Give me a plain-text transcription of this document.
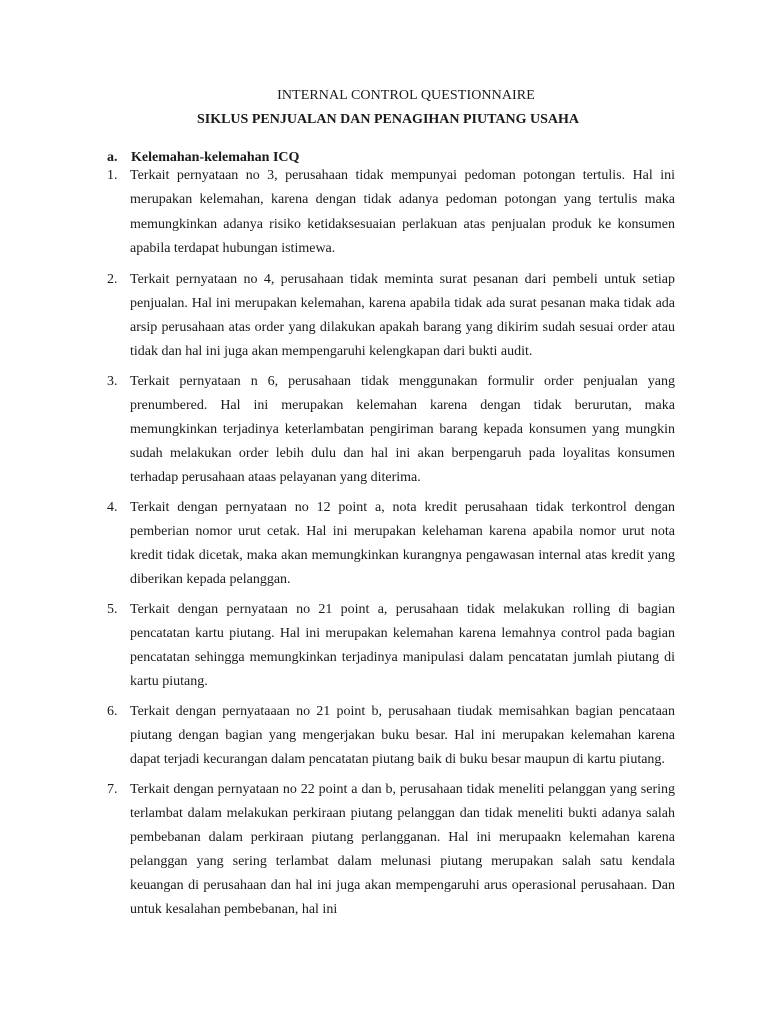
INTERNAL CONTROL QUESTIONNAIRE
SIKLUS PENJUALAN DAN PENAGIHAN PIUTANG USAHA
a. Kelemahan-kelemahan ICQ
1. Terkait pernyataan no 3, perusahaan tidak mempunyai pedoman potongan tertulis. Hal ini merupakan kelemahan, karena dengan tidak adanya pedoman potongan yang tertulis maka memungkinkan adanya risiko ketidaksesuaian perlakuan atas penjualan produk ke konsumen apabila terdapat hubungan istimewa.
2. Terkait pernyataan no 4, perusahaan tidak meminta surat pesanan dari pembeli untuk setiap penjualan. Hal ini merupakan kelemahan, karena apabila tidak ada surat pesanan maka tidak ada arsip perusahaan atas order yang dilakukan apakah barang yang dikirim sudah sesuai order atau tidak dan hal ini juga akan mempengaruhi kelengkapan dari bukti audit.
3. Terkait pernyataan n 6, perusahaan tidak menggunakan formulir order penjualan yang prenumbered. Hal ini merupakan kelemahan karena dengan tidak berurutan, maka memungkinkan terjadinya keterlambatan pengiriman barang kepada konsumen yang mungkin sudah melakukan order lebih dulu dan hal ini akan berpengaruh pada loyalitas konsumen terhadap perusahaan ataas pelayanan yang diterima.
4. Terkait dengan pernyataan no 12 point a, nota kredit perusahaan tidak terkontrol dengan pemberian nomor urut cetak. Hal ini merupakan kelehaman karena apabila nomor urut nota kredit tidak dicetak, maka akan memungkinkan kurangnya pengawasan internal atas kredit yang diberikan kepada pelanggan.
5. Terkait dengan pernyataan no 21 point a, perusahaan tidak melakukan rolling di bagian pencatatan kartu piutang. Hal ini merupakan kelemahan karena lemahnya control pada bagian pencatatan sehingga memungkinkan terjadinya manipulasi dalam pencatatan jumlah piutang di kartu piutang.
6. Terkait dengan pernyataaan no 21 point b, perusahaan tiudak memisahkan bagian pencataan piutang dengan bagian yang mengerjakan buku besar. Hal ini merupakan kelemahan karena dapat terjadi kecurangan dalam pencatatan piutang baik di buku besar maupun di kartu piutang.
7. Terkait dengan pernyataan no 22 point a dan b, perusahaan tidak meneliti pelanggan yang sering terlambat dalam melakukan perkiraan piutang pelanggan dan tidak meneliti bukti adanya salah pembebanan dalam perkiraan piutang perlangganan. Hal ini merupaakn kelemahan karena pelanggan yang sering terlambat dalam melunasi piutang merupakan salah satu kendala keuangan di perusahaan dan hal ini juga akan mempengaruhi arus operasional perusahaan. Dan untuk kesalahan pembebanan, hal ini
